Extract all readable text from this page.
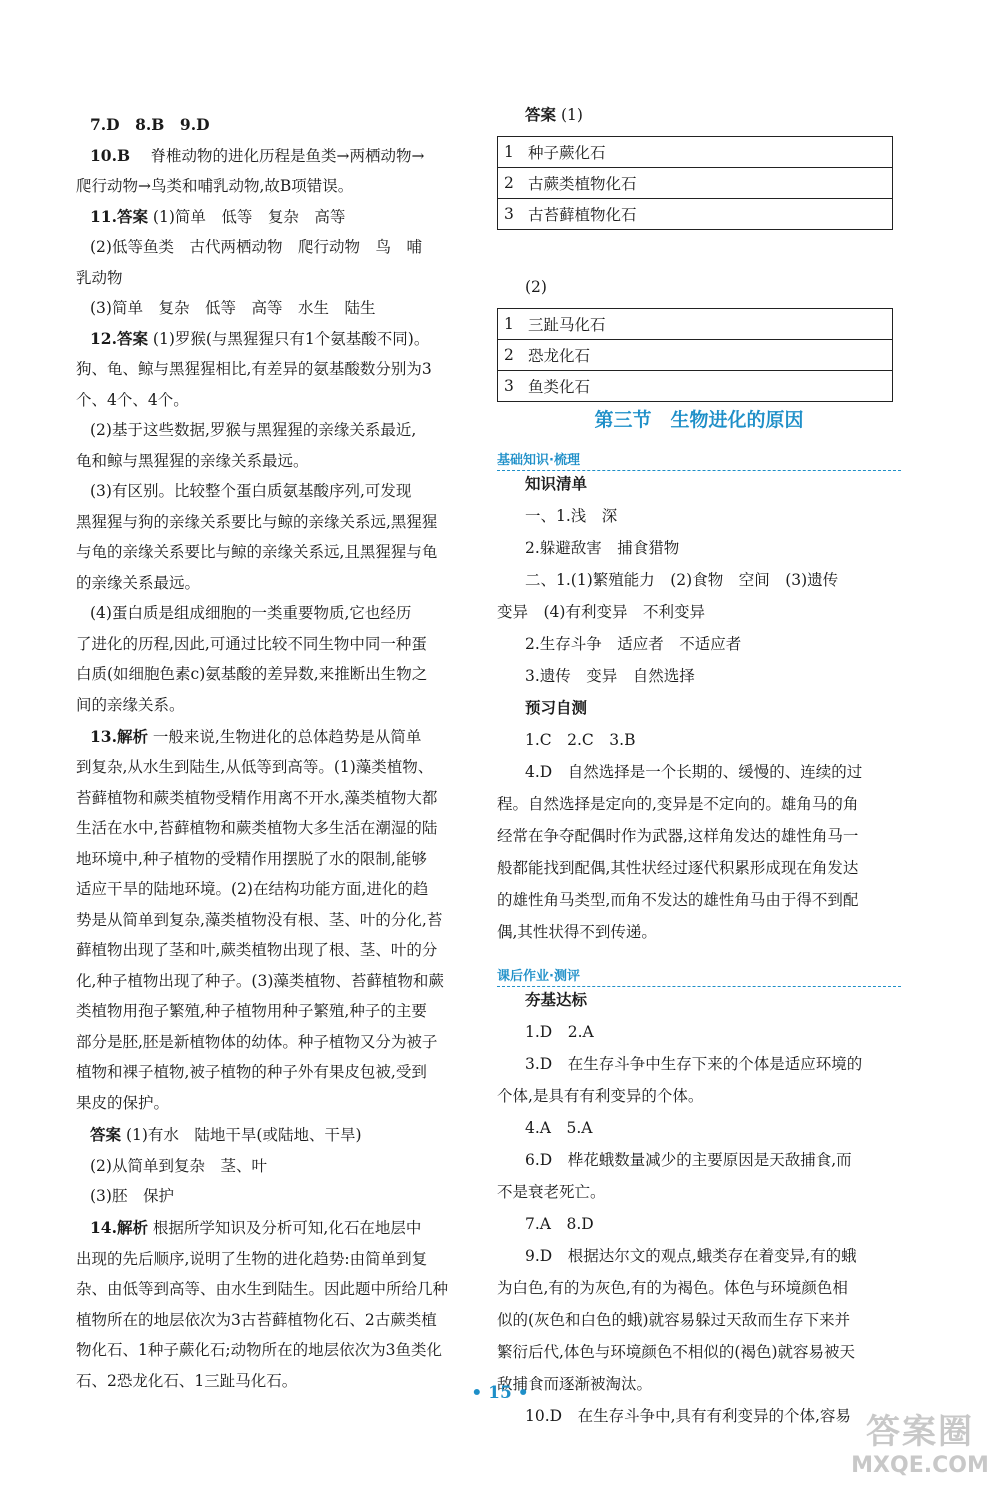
7.D　8.B　9.D
10.B 　脊椎动物的进化历程是鱼类→两栖动物→
爬行动物→鸟类和哺乳动物,故B项错误。
11.答案 (1)简单　低等　复杂　高等
(2)低等鱼类　古代两栖动物　爬行动物　鸟　哺
乳动物
(3)简单　复杂　低等　高等　水生　陆生
12.答案 (1)罗猴(与黑猩猩只有1个氨基酸不同)。
狗、龟、鲸与黑猩猩相比,有差异的氨基酸数分别为3
个、4个、4个。
(2)基于这些数据,罗猴与黑猩猩的亲缘关系最近,
龟和鲸与黑猩猩的亲缘关系最远。
(3)有区别。比较整个蛋白质氨基酸序列,可发现
黑猩猩与狗的亲缘关系要比与鲸的亲缘关系远,黑猩猩
与龟的亲缘关系要比与鲸的亲缘关系远,且黑猩猩与龟
的亲缘关系最远。
(4)蛋白质是组成细胞的一类重要物质,它也经历
了进化的历程,因此,可通过比较不同生物中同一种蛋
白质(如细胞色素c)氨基酸的差异数,来推断出生物之
间的亲缘关系。
13.解析 一般来说,生物进化的总体趋势是从简单
到复杂,从水生到陆生,从低等到高等。(1)藻类植物、
苔藓植物和蕨类植物受精作用离不开水,藻类植物大都
生活在水中,苔藓植物和蕨类植物大多生活在潮湿的陆
地环境中,种子植物的受精作用摆脱了水的限制,能够
适应干旱的陆地环境。(2)在结构功能方面,进化的趋
势是从简单到复杂,藻类植物没有根、茎、叶的分化,苔
藓植物出现了茎和叶,蕨类植物出现了根、茎、叶的分
化,种子植物出现了种子。(3)藻类植物、苔藓植物和蕨
类植物用孢子繁殖,种子植物用种子繁殖,种子的主要
部分是胚,胚是新植物体的幼体。种子植物又分为被子
植物和裸子植物,被子植物的种子外有果皮包被,受到
果皮的保护。
答案 (1)有水　陆地干旱(或陆地、干旱)
(2)从简单到复杂　茎、叶
(3)胚　保护
14.解析 根据所学知识及分析可知,化石在地层中
出现的先后顺序,说明了生物的进化趋势:由简单到复
杂、由低等到高等、由水生到陆生。因此题中所给几种
植物所在的地层依次为3古苔藓植物化石、2古蕨类植
物化石、1种子蕨化石;动物所在的地层依次为3鱼类化
石、2恐龙化石、1三趾马化石。
答案 (1)
1	种子蕨化石
2	古蕨类植物化石
3	古苔藓植物化石
(2)
1	三趾马化石
2	恐龙化石
3	鱼类化石
第三节　生物进化的原因
基础知识·梳理
课后作业·测评
知识清单
一、1.浅　深
2.躲避敌害　捕食猎物
二、1.(1)繁殖能力　(2)食物　空间　(3)遗传
变异　(4)有利变异　不利变异
2.生存斗争　适应者　不适应者
3.遗传　变异　自然选择
预习自测
1.C　2.C　3.B
4.D　自然选择是一个长期的、缓慢的、连续的过
程。自然选择是定向的,变异是不定向的。雄角马的角
经常在争夺配偶时作为武器,这样角发达的雄性角马一
般都能找到配偶,其性状经过逐代积累形成现在角发达
的雄性角马类型,而角不发达的雄性角马由于得不到配
偶,其性状得不到传递。
夯基达标
1.D　2.A
3.D　在生存斗争中生存下来的个体是适应环境的
个体,是具有有利变异的个体。
4.A　5.A
6.D　桦花蛾数量减少的主要原因是天敌捕食,而
不是衰老死亡。
7.A　8.D
9.D　根据达尔文的观点,蛾类存在着变异,有的蛾
为白色,有的为灰色,有的为褐色。体色与环境颜色相
似的(灰色和白色的蛾)就容易躲过天敌而生存下来并
繁衍后代,体色与环境颜色不相似的(褐色)就容易被天
敌捕食而逐渐被淘汰。
10.D　在生存斗争中,具有有利变异的个体,容易
• 15 •
答案圈
MXQE.COM
